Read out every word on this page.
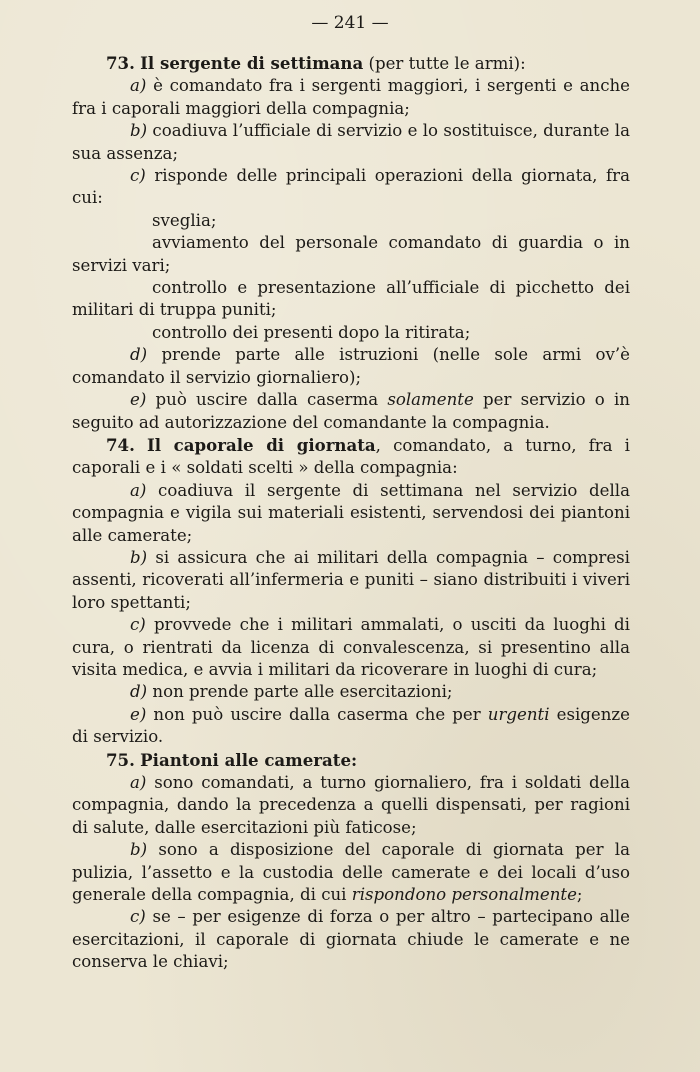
— 241 —

73. Il sergente di settimana (per tutte le armi):

a) è comandato fra i sergenti maggiori, i sergenti e anche fra i caporali maggiori della compagnia;

b) coadiuva l’ufficiale di servizio e lo sostituisce, durante la sua assenza;

c) risponde delle principali operazioni della giornata, fra cui:

sveglia;

avviamento del personale comandato di guardia o in servizi vari;

controllo e presentazione all’ufficiale di picchetto dei militari di truppa puniti;

controllo dei presenti dopo la ritirata;

d) prende parte alle istruzioni (nelle sole armi ov’è comandato il servizio giornaliero);

e) può uscire dalla caserma solamente per servizio o in seguito ad autorizzazione del comandante la compagnia.

74. Il caporale di giornata, comandato, a turno, fra i caporali e i « soldati scelti » della compagnia:

a) coadiuva il sergente di settimana nel servizio della compagnia e vigila sui materiali esistenti, servendosi dei piantoni alle camerate;

b) si assicura che ai militari della compagnia – compresi assenti, ricoverati all’infermeria e puniti – siano distribuiti i viveri loro spettanti;

c) provvede che i militari ammalati, o usciti da luoghi di cura, o rientrati da licenza di convalescenza, si presentino alla visita medica, e avvia i militari da ricoverare in luoghi di cura;

d) non prende parte alle esercitazioni;

e) non può uscire dalla caserma che per urgenti esigenze di servizio.

75. Piantoni alle camerate:

a) sono comandati, a turno giornaliero, fra i soldati della compagnia, dando la precedenza a quelli dispensati, per ragioni di salute, dalle esercitazioni più faticose;

b) sono a disposizione del caporale di giornata per la pulizia, l’assetto e la custodia delle camerate e dei locali d’uso generale della compagnia, di cui rispondono personalmente;

c) se – per esigenze di forza o per altro – partecipano alle esercitazioni, il caporale di giornata chiude le camerate e ne conserva le chiavi;
